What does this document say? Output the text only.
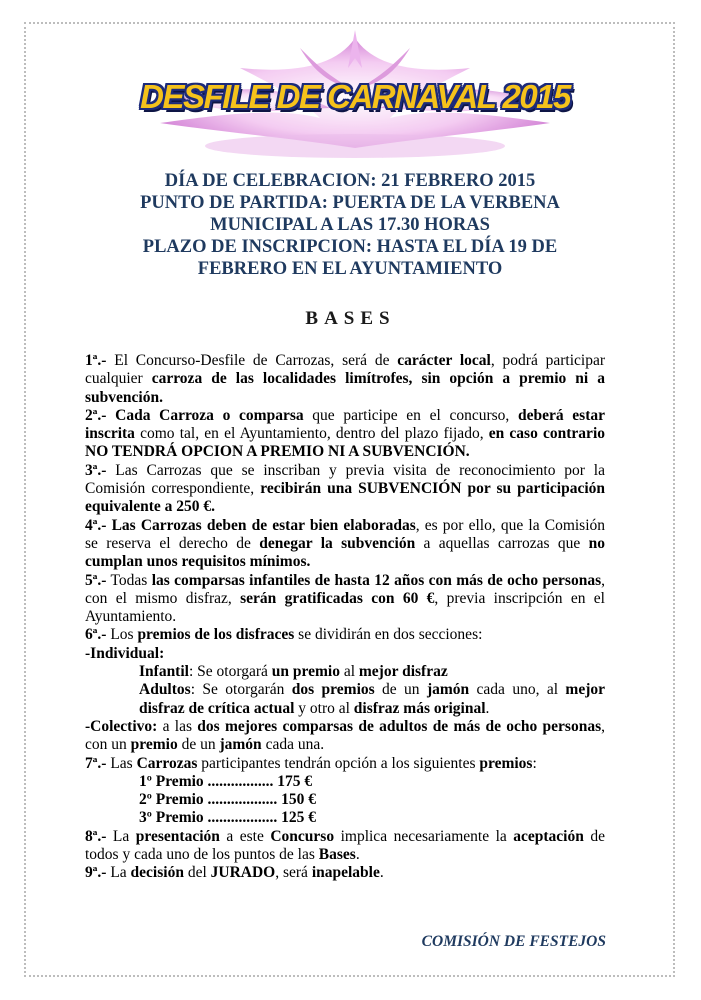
DESFILE DE CARNAVAL 2015
DÍA DE CELEBRACION: 21 FEBRERO 2015
PUNTO DE PARTIDA: PUERTA DE LA VERBENA
MUNICIPAL A LAS 17.30 HORAS
PLAZO DE INSCRIPCION: HASTA EL DÍA 19 DE
FEBRERO EN EL AYUNTAMIENTO
BASES

1ª.- El Concurso-Desfile de Carrozas, será de carácter local, podrá participar cualquier carroza de las localidades limítrofes, sin opción a premio ni a subvención.

2ª.- Cada Carroza o comparsa que participe en el concurso, deberá estar inscrita como tal, en el Ayuntamiento, dentro del plazo fijado, en caso contrario NO TENDRÁ OPCION A PREMIO NI A SUBVENCIÓN.

3ª.- Las Carrozas que se inscriban y previa visita de reconocimiento por la Comisión correspondiente, recibirán una SUBVENCIÓN por su participación equivalente a 250 €.

4ª.- Las Carrozas deben de estar bien elaboradas, es por ello, que la Comisión se reserva el derecho de denegar la subvención a aquellas carrozas que no cumplan unos requisitos mínimos.

5ª.- Todas las comparsas infantiles de hasta 12 años con más de ocho personas, con el mismo disfraz, serán gratificadas con 60 €, previa inscripción en el Ayuntamiento.

6ª.- Los premios de los disfraces se dividirán en dos secciones:

-Individual:

Infantil: Se otorgará un premio al mejor disfraz

Adultos: Se otorgarán dos premios de un jamón cada uno, al mejor disfraz de crítica actual y otro al disfraz más original.

-Colectivo: a las dos mejores comparsas de adultos de más de ocho personas, con un premio de un jamón cada una.

7ª.- Las Carrozas participantes tendrán opción a los siguientes premios:

1º Premio ................. 175 €

2º Premio .................. 150 €

3º Premio .................. 125 €

8ª.- La presentación a este Concurso implica necesariamente la aceptación de todos y cada uno de los puntos de las Bases.

9ª.- La decisión del JURADO, será inapelable.

COMISIÓN DE FESTEJOS
